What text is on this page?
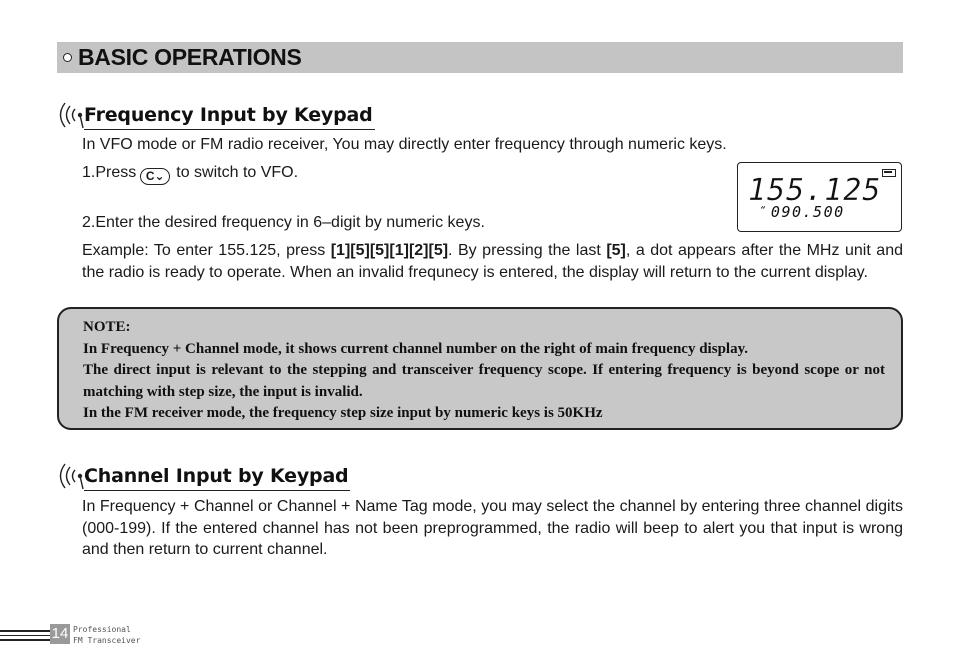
BASIC OPERATIONS
Frequency Input by Keypad

In VFO mode or FM radio receiver, You may directly enter frequency through numeric keys.

1.Press C⌄ to switch to VFO.

2.Enter the desired frequency in 6–digit by numeric keys.

Example: To enter 155.125, press [1][5][5][1][2][5]. By pressing the last [5], a dot appears after the MHz unit and the radio is ready to operate. When an invalid frequnecy is entered, the display will return to the current display.

155.125
“ 090.500

NOTE:

In Frequency + Channel mode, it shows current channel number on the right of main frequency display.

The direct input is relevant to the stepping and transceiver frequency scope. If entering frequency is beyond scope or not matching with step size, the input is invalid.

In the FM receiver mode, the frequency step size input by numeric keys is 50KHz

Channel Input by Keypad

In Frequency + Channel or Channel + Name Tag mode, you may select the channel by entering three channel digits (000-199). If the entered channel has not been preprogrammed, the radio will beep to alert you that input is wrong and then return to current channel.

14 Professional
FM Transceiver
